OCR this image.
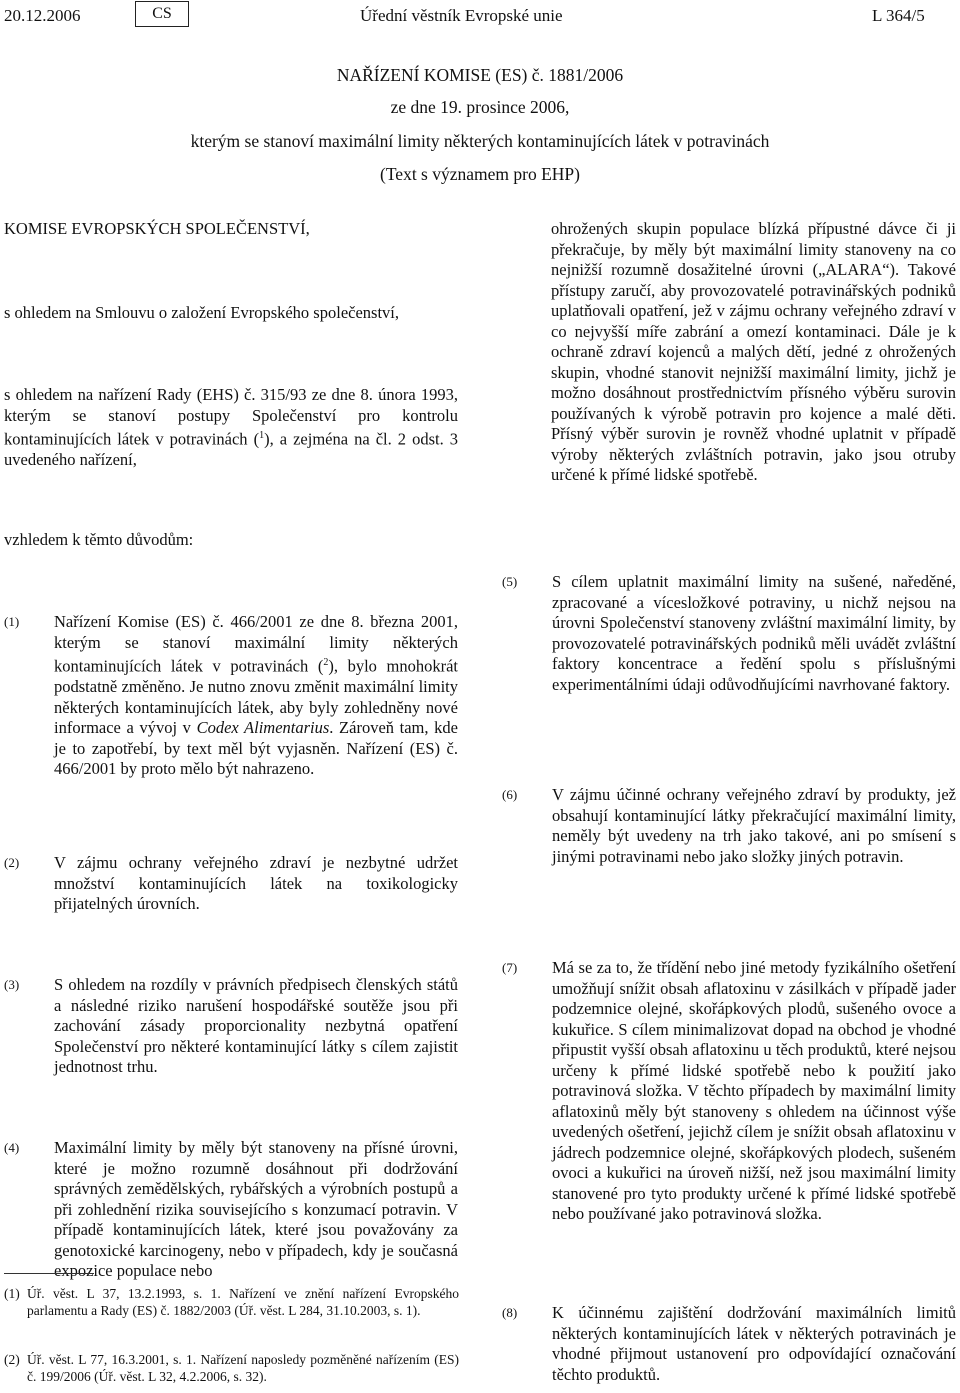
20.12.2006	CS	Úřední věstník Evropské unie	L 364/5
NAŘÍZENÍ KOMISE (ES) č. 1881/2006
ze dne 19. prosince 2006,
kterým se stanoví maximální limity některých kontaminujících látek v potravinách
(Text s významem pro EHP)
KOMISE EVROPSKÝCH SPOLEČENSTVÍ,
s ohledem na Smlouvu o založení Evropského společenství,
s ohledem na nařízení Rady (EHS) č. 315/93 ze dne 8. února 1993, kterým se stanoví postupy Společenství pro kontrolu kontaminujících látek v potravinách ($^1$), a zejména na čl. 2 odst. 3 uvedeného nařízení,
vzhledem k těmto důvodům:
ohrožených skupin populace blízká přípustné dávce či ji překračuje, by měly být maximální limity stanoveny na co nejnižší rozumně dosažitelné úrovni („ALARA“). Takové přístupy zaručí, aby provozovatelé potravinářských podniků uplatňovali opatření, jež v zájmu ochrany veřejného zdraví v co nejvyšší míře zabrání a omezí kontaminaci. Dále je k ochraně zdraví kojenců a malých dětí, jedné z ohrožených skupin, vhodné stanovit nejnižší maximální limity, jichž je možno dosáhnout prostřednictvím přísného výběru surovin používaných k výrobě potravin pro kojence a malé děti. Přísný výběr surovin je rovněž vhodné uplatnit v případě výroby některých zvláštních potravin, jako jsou otruby určené k přímé lidské spotřebě.
(1) Nařízení Komise (ES) č. 466/2001 ze dne 8. března 2001, kterým se stanoví maximální limity některých kontaminujících látek v potravinách ($^2$), bylo mnohokrát podstatně změněno. Je nutno znovu změnit maximální limity některých kontaminujících látek, aby byly zohledněny nové informace a vývoj v Codex Alimentarius. Zároveň tam, kde je to zapotřebí, by text měl být vyjasněn. Nařízení (ES) č. 466/2001 by proto mělo být nahrazeno.
(2) V zájmu ochrany veřejného zdraví je nezbytné udržet množství kontaminujících látek na toxikologicky přijatelných úrovních.
(3) S ohledem na rozdíly v právních předpisech členských států a následné riziko narušení hospodářské soutěže jsou při zachování zásady proporcionality nezbytná opatření Společenství pro některé kontaminující látky s cílem zajistit jednotnost trhu.
(4) Maximální limity by měly být stanoveny na přísné úrovni, které je možno rozumně dosáhnout při dodržování správných zemědělských, rybářských a výrobních postupů a při zohlednění rizika souvisejícího s konzumací potravin. V případě kontaminujících látek, které jsou považovány za genotoxické karcinogeny, nebo v případech, kdy je současná expozice populace nebo
(5) S cílem uplatnit maximální limity na sušené, naředěné, zpracované a vícesložkové potraviny, u nichž nejsou na úrovni Společenství stanoveny zvláštní maximální limity, by provozovatelé potravinářských podniků měli uvádět zvláštní faktory koncentrace a ředění spolu s příslušnými experimentálními údaji odůvodňujícími navrhované faktory.
(6) V zájmu účinné ochrany veřejného zdraví by produkty, jež obsahují kontaminující látky překračující maximální limity, neměly být uvedeny na trh jako takové, ani po smísení s jinými potravinami nebo jako složky jiných potravin.
(7) Má se za to, že třídění nebo jiné metody fyzikálního ošetření umožňují snížit obsah aflatoxinu v zásilkách v případě jader podzemnice olejné, skořápkových plodů, sušeného ovoce a kukuřice. S cílem minimalizovat dopad na obchod je vhodné připustit vyšší obsah aflatoxinu u těch produktů, které nejsou určeny k přímé lidské spotřebě nebo k použití jako potravinová složka. V těchto případech by maximální limity aflatoxinů měly být stanoveny s ohledem na účinnost výše uvedených ošetření, jejichž cílem je snížit obsah aflatoxinu v jádrech podzemnice olejné, skořápkových plodech, sušeném ovoci a kukuřici na úroveň nižší, než jsou maximální limity stanovené pro tyto produkty určené k přímé lidské spotřebě nebo používané jako potravinová složka.
(8) K účinnému zajištění dodržování maximálních limitů některých kontaminujících látek v některých potravinách je vhodné přijmout ustanovení pro odpovídající označování těchto produktů.
(1) Úř. věst. L 37, 13.2.1993, s. 1. Nařízení ve znění nařízení Evropského parlamentu a Rady (ES) č. 1882/2003 (Úř. věst. L 284, 31.10.2003, s. 1).
(2) Úř. věst. L 77, 16.3.2001, s. 1. Nařízení naposledy pozměněné nařízením (ES) č. 199/2006 (Úř. věst. L 32, 4.2.2006, s. 32).
